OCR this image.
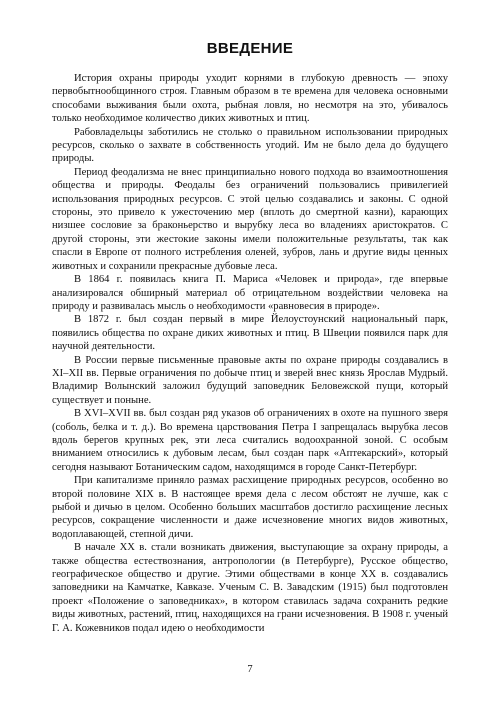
ВВЕДЕНИЕ

История охраны природы уходит корнями в глубокую древность — эпоху первобытнообщинного строя. Главным образом в те времена для человека основными способами выживания были охота, рыбная ловля, но несмотря на это, убивалось только необходимое количество диких животных и птиц.

Рабовладельцы заботились не столько о правильном использовании природных ресурсов, сколько о захвате в собственность угодий. Им не было дела до будущего природы.

Период феодализма не внес принципиально нового подхода во взаимоотношения общества и природы. Феодалы без ограничений пользовались привилегией использования природных ресурсов. С этой целью создавались и законы. С одной стороны, это привело к ужесточению мер (вплоть до смертной казни), карающих низшее сословие за браконьерство и вырубку леса во владениях аристократов. С другой стороны, эти жестокие законы имели положительные результаты, так как спасли в Европе от полного истребления оленей, зубров, лань и другие виды ценных животных и сохранили прекрасные дубовые леса.

В 1864 г. появилась книга П. Мариса «Человек и природа», где впервые анализировался обширный материал об отрицательном воздействии человека на природу и развивалась мысль о необходимости «равновесия в природе».

В 1872 г. был создан первый в мире Йелоустоунский национальный парк, появились общества по охране диких животных и птиц. В Швеции появился парк для научной деятельности.

В России первые письменные правовые акты по охране природы создавались в XI–XII вв. Первые ограничения по добыче птиц и зверей внес князь Ярослав Мудрый. Владимир Волынский заложил будущий заповедник Беловежской пущи, который существует и поныне.

В XVI–XVII вв. был создан ряд указов об ограничениях в охоте на пушного зверя (соболь, белка и т. д.). Во времена царствования Петра I запрещалась вырубка лесов вдоль берегов крупных рек, эти леса считались водоохранной зоной. С особым вниманием относились к дубовым лесам, был создан парк «Аптекарский», который сегодня называют Ботаническим садом, находящимся в городе Санкт-Петербург.

При капитализме приняло размах расхищение природных ресурсов, особенно во второй половине XIX в. В настоящее время дела с лесом обстоят не лучше, как с рыбой и дичью в целом. Особенно больших масштабов достигло расхищение лесных ресурсов, сокращение численности и даже исчезновение многих видов животных, водоплавающей, степной дичи.

В начале XX в. стали возникать движения, выступающие за охрану природы, а также общества естествознания, антропологии (в Петербурге), Русское общество, географическое общество и другие. Этими обществами в конце XX в. создавались заповедники на Камчатке, Кавказе. Ученым С. В. Завадским (1915) был подготовлен проект «Положение о заповедниках», в котором ставилась задача сохранить редкие виды животных, растений, птиц, находящихся на грани исчезновения. В 1908 г. ученый Г. А. Кожевников подал идею о необходимости

7
